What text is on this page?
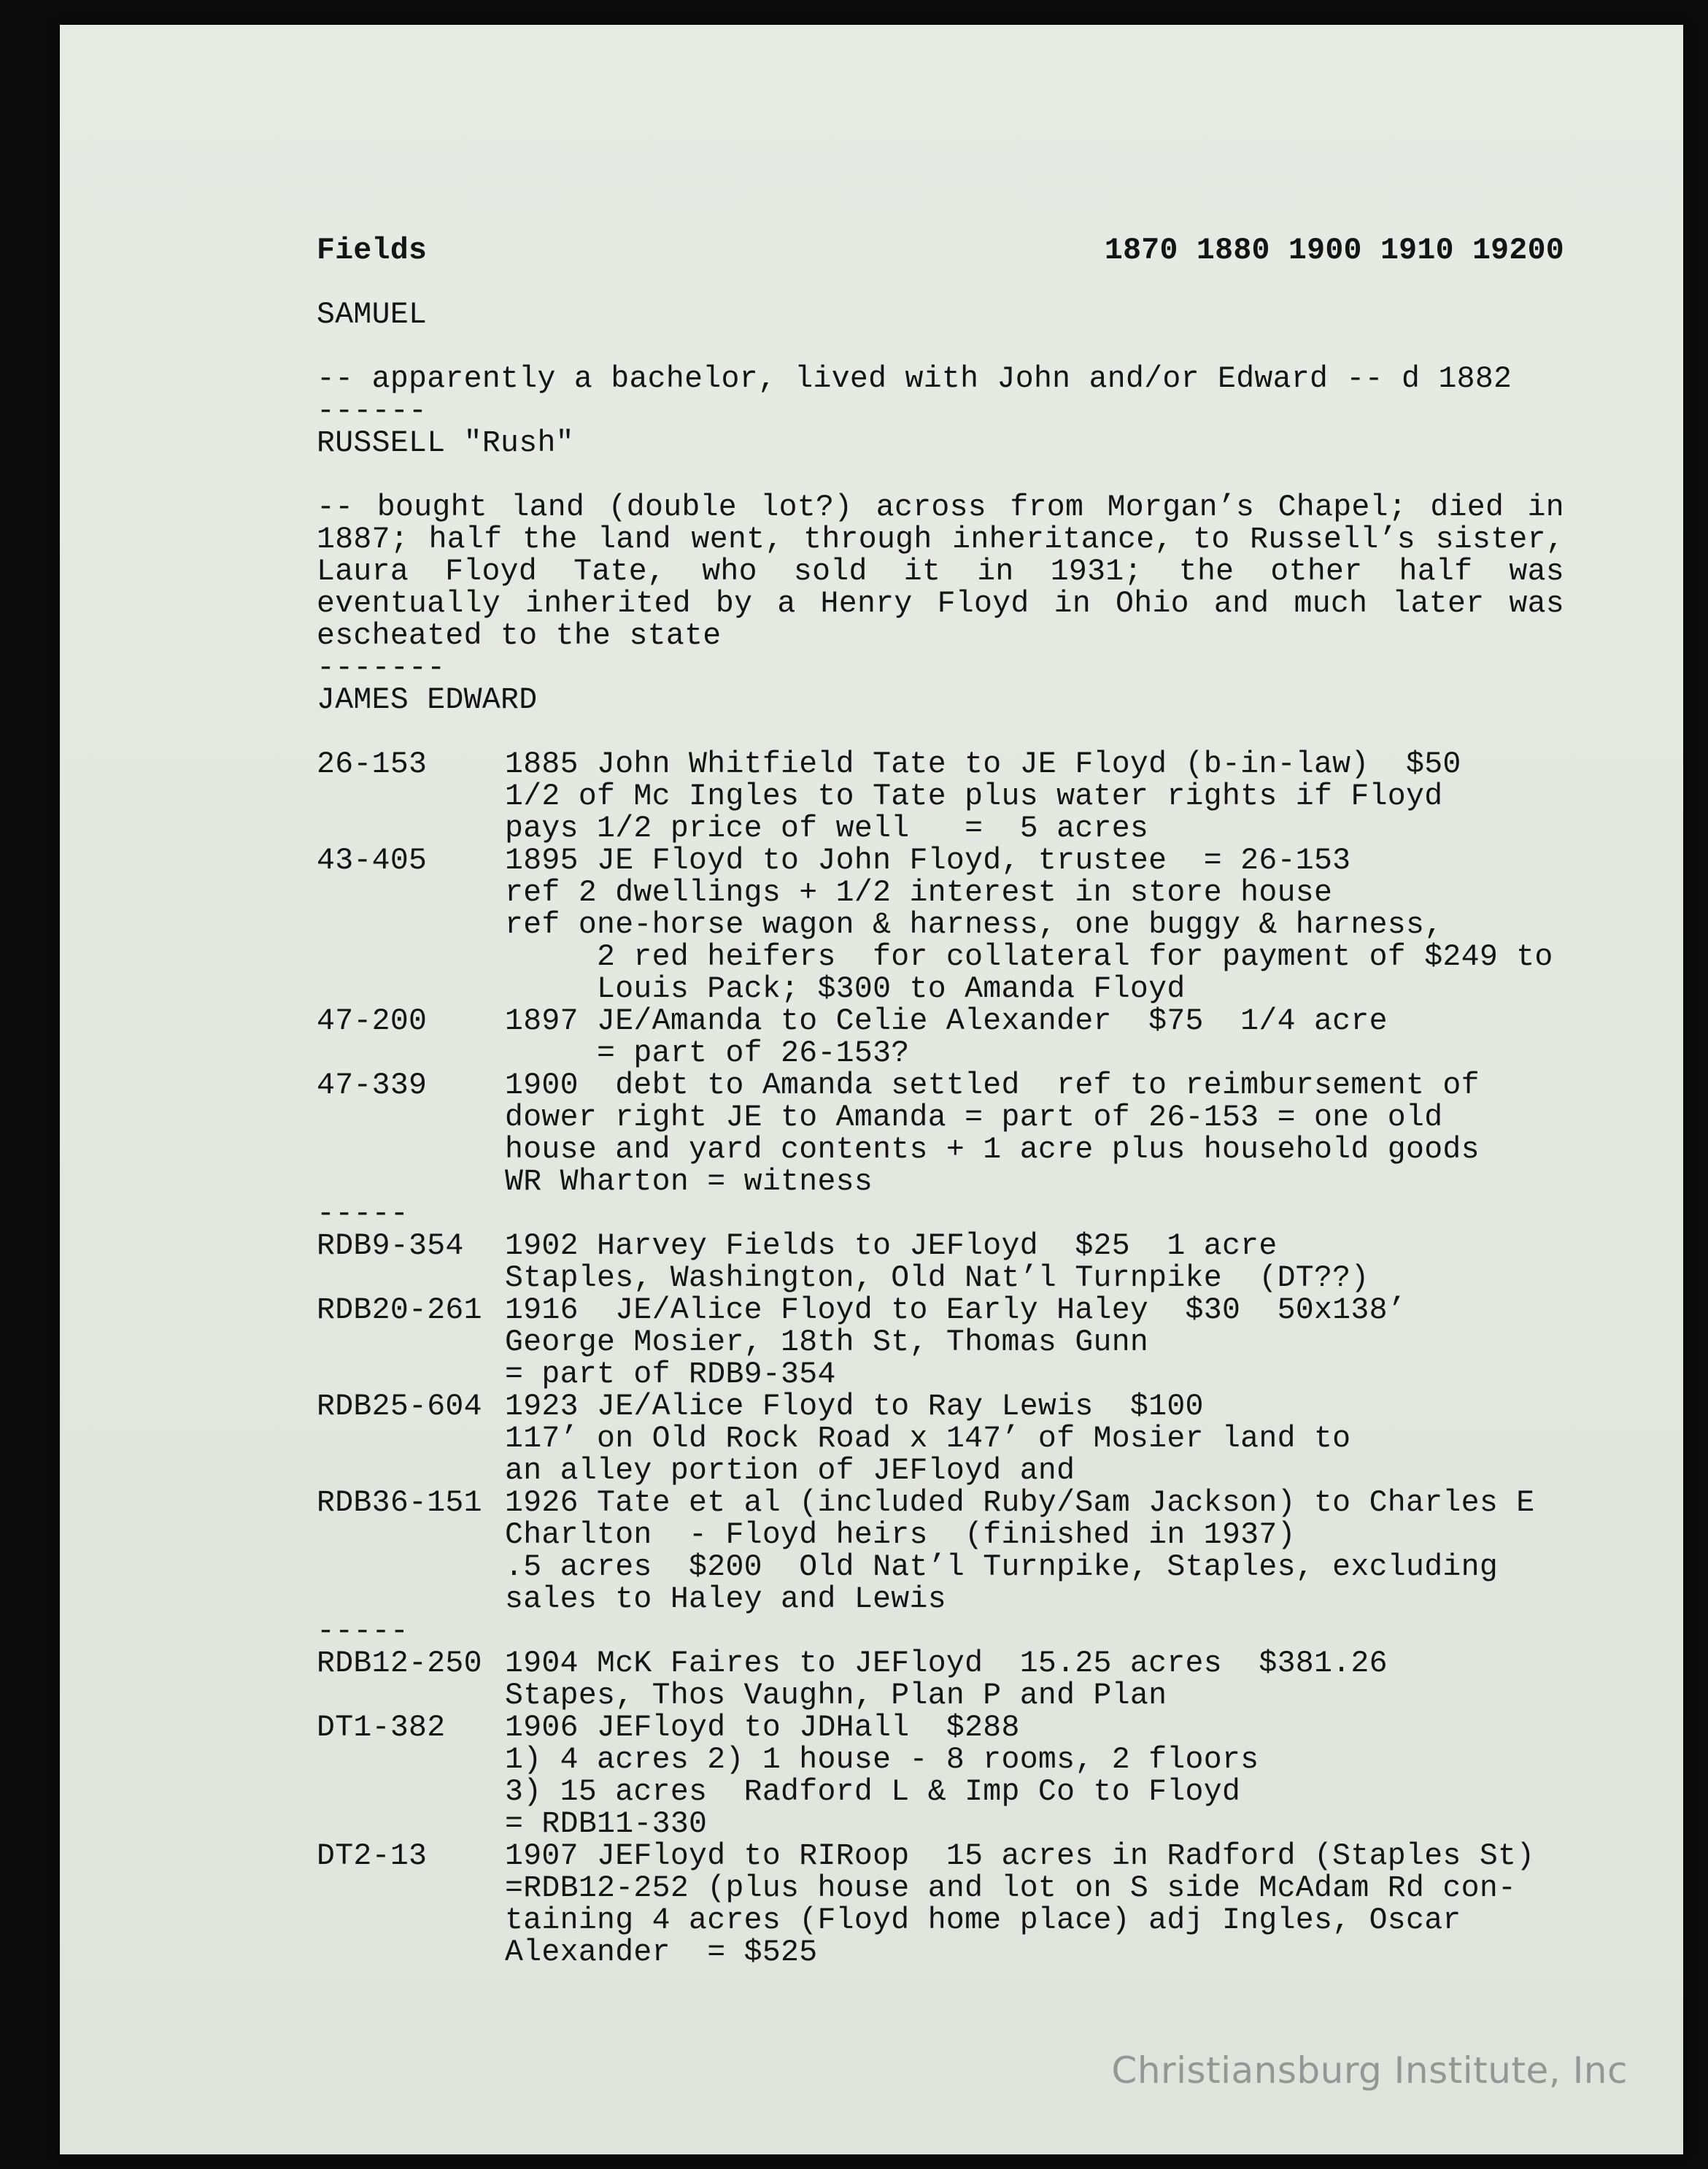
Fields	1870 1880 1900 1910 19200
SAMUEL
-- apparently a bachelor, lived with John and/or Edward -- d 1882
------
RUSSELL "Rush"
-- bought land (double lot?) across from Morgan’s Chapel; died in
1887; half the land went, through inheritance, to Russell’s sister,
Laura Floyd Tate, who sold it in 1931; the other half was
eventually inherited by a Henry Floyd in Ohio and much later was
escheated to the state
-------
JAMES EDWARD
26-153	1885 John Whitfield Tate to JE Floyd (b-in-law)  $50
1/2 of Mc Ingles to Tate plus water rights if Floyd
pays 1/2 price of well   =  5 acres
43-405	1895 JE Floyd to John Floyd, trustee  = 26-153
ref 2 dwellings + 1/2 interest in store house
ref one-horse wagon & harness, one buggy & harness,
2 red heifers  for collateral for payment of $249 to
Louis Pack; $300 to Amanda Floyd
47-200	1897 JE/Amanda to Celie Alexander  $75  1/4 acre
= part of 26-153?
47-339	1900  debt to Amanda settled  ref to reimbursement of
dower right JE to Amanda = part of 26-153 = one old
house and yard contents + 1 acre plus household goods
WR Wharton = witness
-----
RDB9-354	1902 Harvey Fields to JEFloyd  $25  1 acre
Staples, Washington, Old Nat’l Turnpike  (DT??)
RDB20-261 1916  JE/Alice Floyd to Early Haley  $30  50x138’
George Mosier, 18th St, Thomas Gunn
= part of RDB9-354
RDB25-604 1923 JE/Alice Floyd to Ray Lewis  $100
117’ on Old Rock Road x 147’ of Mosier land to
an alley portion of JEFloyd and
RDB36-151 1926 Tate et al (included Ruby/Sam Jackson) to Charles E
Charlton  - Floyd heirs  (finished in 1937)
.5 acres  $200  Old Nat’l Turnpike, Staples, excluding
sales to Haley and Lewis
-----
RDB12-250 1904 McK Faires to JEFloyd  15.25 acres  $381.26
Stapes, Thos Vaughn, Plan P and Plan
DT1-382	1906 JEFloyd to JDHall  $288
1) 4 acres 2) 1 house - 8 rooms, 2 floors
3) 15 acres  Radford L & Imp Co to Floyd
= RDB11-330
DT2-13	1907 JEFloyd to RIRoop  15 acres in Radford (Staples St)
=RDB12-252 (plus house and lot on S side McAdam Rd con-
taining 4 acres (Floyd home place) adj Ingles, Oscar
Alexander  = $525
Christiansburg Institute, Inc
